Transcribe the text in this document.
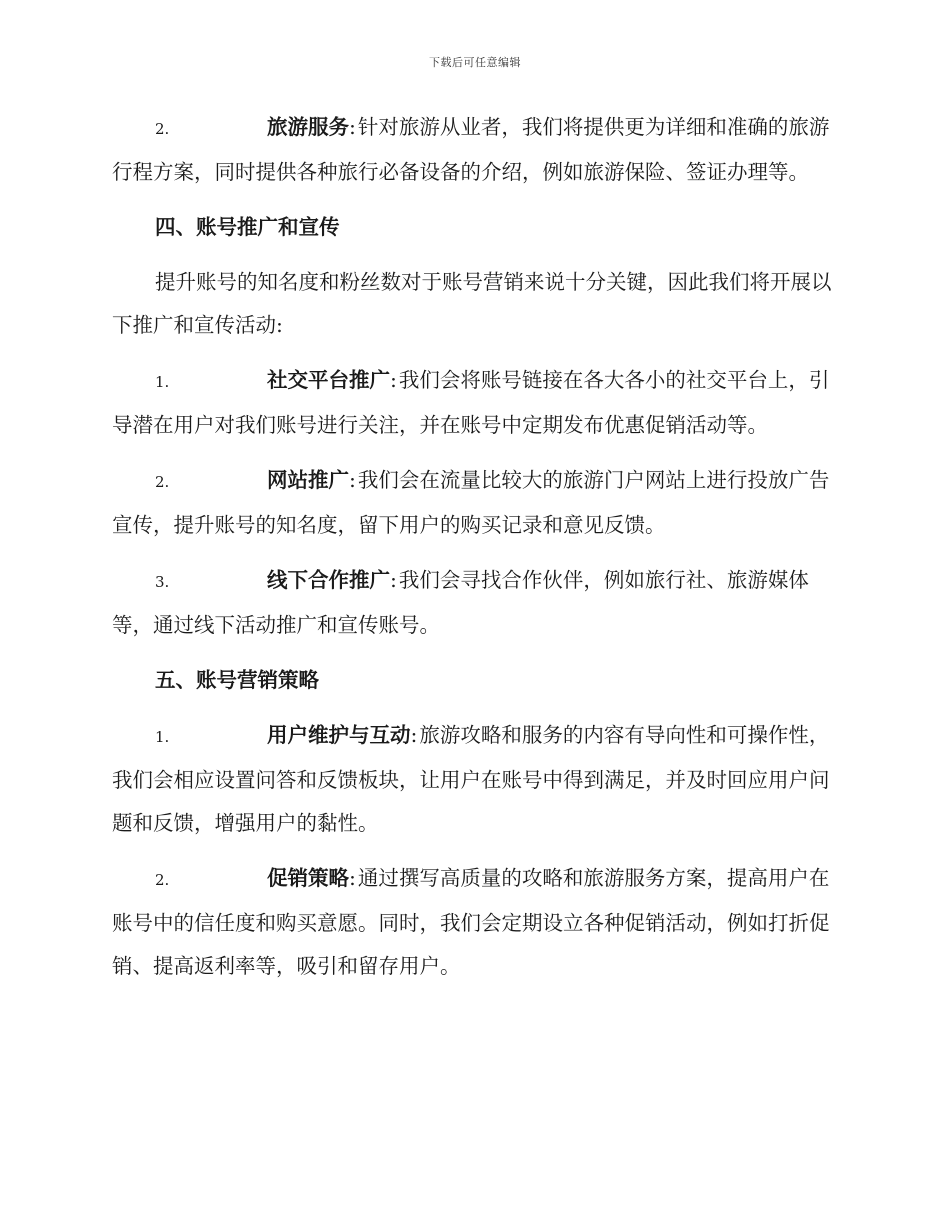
下载后可任意编辑

2.	旅游服务:针对旅游从业者，我们将提供更为详细和准确的旅游行程方案，同时提供各种旅行必备设备的介绍，例如旅游保险、签证办理等。

四、账号推广和宣传

提升账号的知名度和粉丝数对于账号营销来说十分关键，因此我们将开展以下推广和宣传活动:

1.	社交平台推广:我们会将账号链接在各大各小的社交平台上，引导潜在用户对我们账号进行关注，并在账号中定期发布优惠促销活动等。

2.	网站推广:我们会在流量比较大的旅游门户网站上进行投放广告宣传，提升账号的知名度，留下用户的购买记录和意见反馈。

3.	线下合作推广:我们会寻找合作伙伴，例如旅行社、旅游媒体等，通过线下活动推广和宣传账号。

五、账号营销策略

1.	用户维护与互动:旅游攻略和服务的内容有导向性和可操作性，我们会相应设置问答和反馈板块，让用户在账号中得到满足，并及时回应用户问题和反馈，增强用户的黏性。

2.	促销策略:通过撰写高质量的攻略和旅游服务方案，提高用户在账号中的信任度和购买意愿。同时，我们会定期设立各种促销活动，例如打折促销、提高返利率等，吸引和留存用户。
